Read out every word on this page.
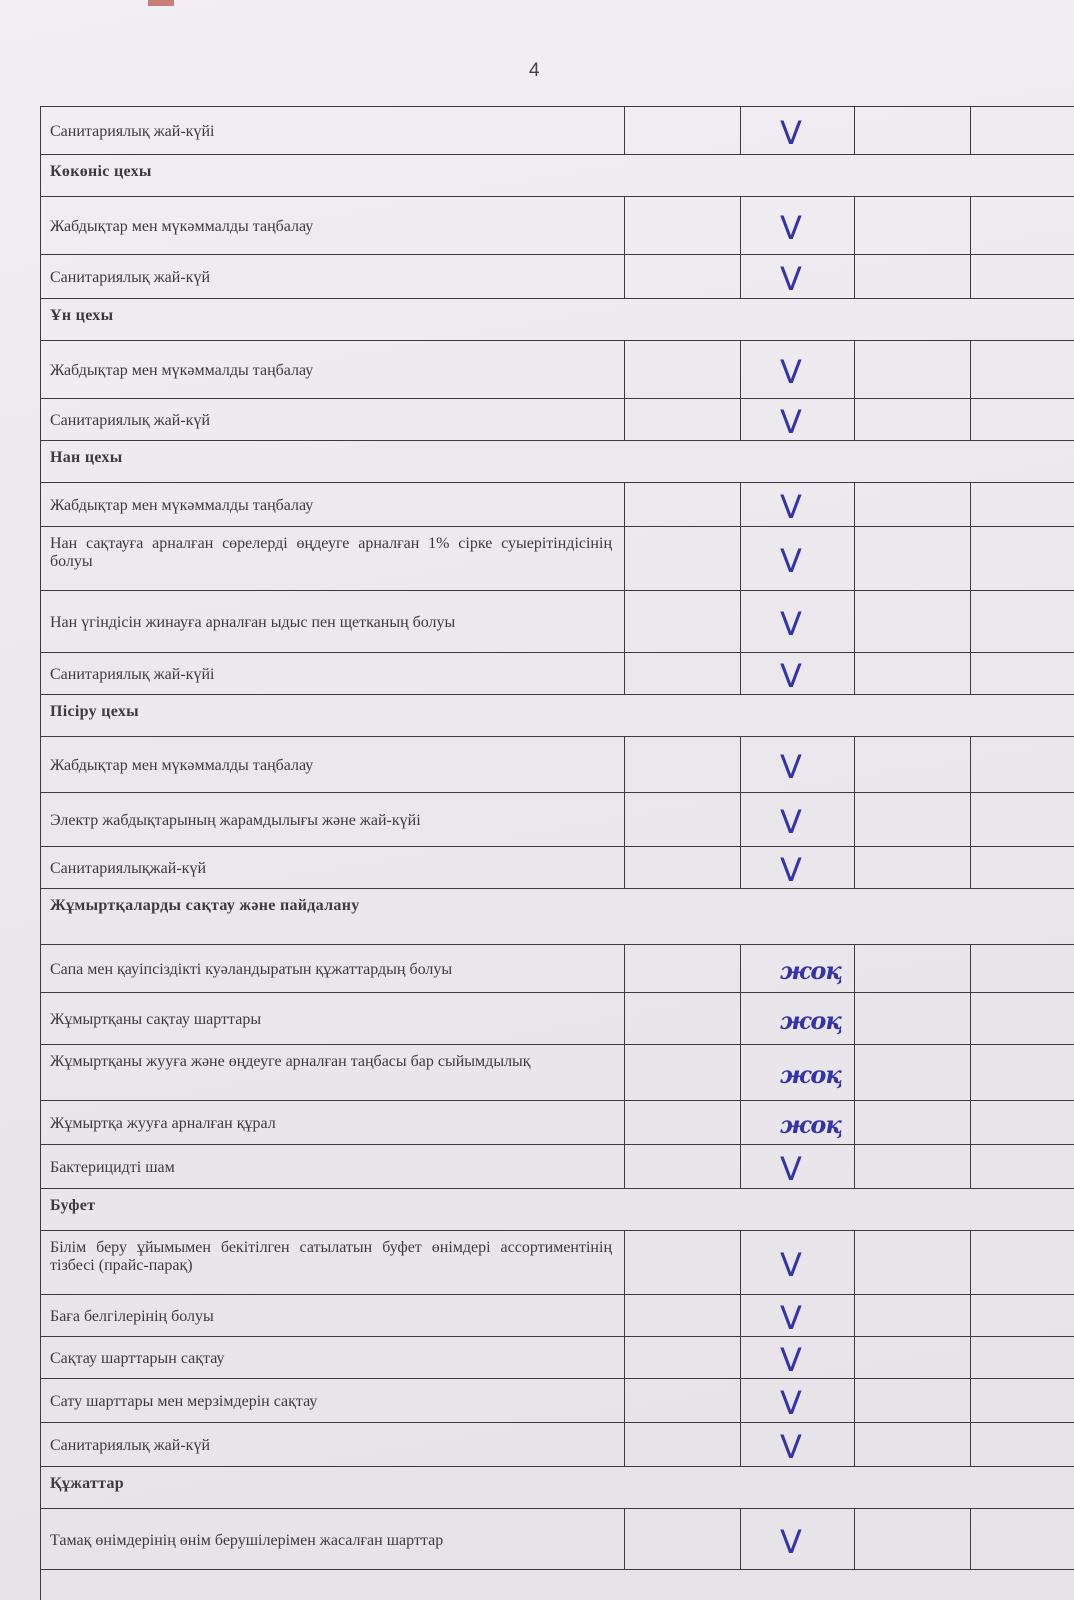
4
Санитариялық жай-күйі	V
Көкөніс цехы
Жабдықтар мен мүкәммалды таңбалау	V
Санитариялық жай-күй	V
Ұн цехы
Жабдықтар мен мүкәммалды таңбалау	V
Санитариялық жай-күй	V
Нан цехы
Жабдықтар мен мүкәммалды таңбалау	V
Нан сақтауға арналған сөрелерді өңдеуге арналған 1% сірке суыерітіндісінің болуы	V
Нан үгіндісін жинауға арналған ыдыс пен щетканың болуы	V
Санитариялық жай-күйі	V
Пісіру цехы
Жабдықтар мен мүкәммалды таңбалау	V
Электр жабдықтарының жарамдылығы және жай-күйі	V
Санитариялықжай-күй	V
Жұмыртқаларды сақтау және пайдалану
Сапа мен қауіпсіздікті куәландыратын құжаттардың болуы	жоқ
Жұмыртқаны сақтау шарттары	жоқ
Жұмыртқаны жууға және өңдеуге арналған таңбасы бар сыйымдылық	жоқ
Жұмыртқа жууға арналған құрал	жоқ
Бактерицидті шам	V
Буфет
Білім беру ұйымымен бекітілген сатылатын буфет өнімдері ассортиментінің тізбесі (прайс-парақ)	V
Баға белгілерінің болуы	V
Сақтау шарттарын сақтау	V
Сату шарттары мен мерзімдерін сақтау	V
Санитариялық жай-күй	V
Құжаттар
Тамақ өнімдерінің өнім берушілерімен жасалған шарттар	V
